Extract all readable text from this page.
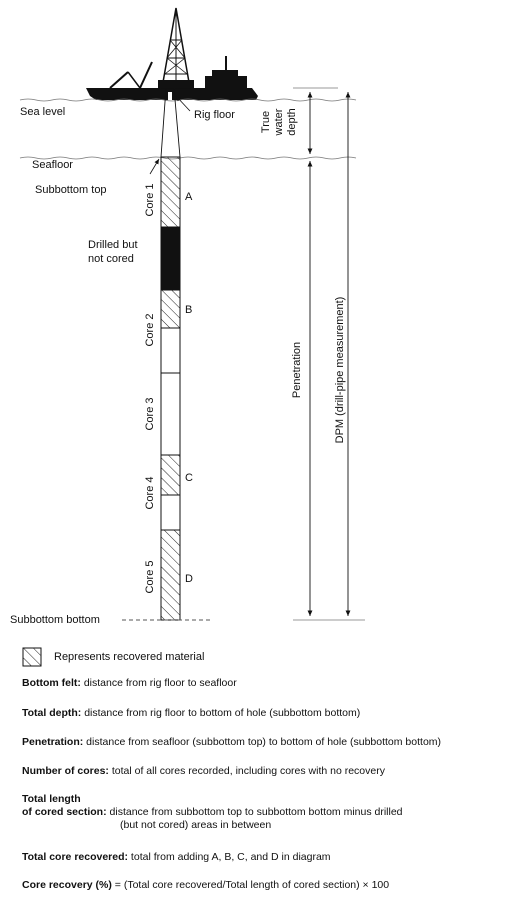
Sea level	Rig floor
Seafloor
Subbottom top
Drilled but
not cored
Subbottom bottom
Core 1
Core 2
Core 3
Core 4
Core 5
A
B
C
D
True water depth
Penetration	DPM (drill-pipe measurement)
Represents recovered material
Bottom felt: distance from rig floor to seafloor
Total depth: distance from rig floor to bottom of hole (subbottom bottom)
Penetration: distance from seafloor (subbottom top) to bottom of hole (subbottom bottom)
Number of cores: total of all cores recorded, including cores with no recovery
Total length
of cored section: distance from subbottom top to subbottom bottom minus drilled
(but not cored) areas in between
Total core recovered: total from adding A, B, C, and D in diagram
Core recovery (%) = (Total core recovered/Total length of cored section) × 100
